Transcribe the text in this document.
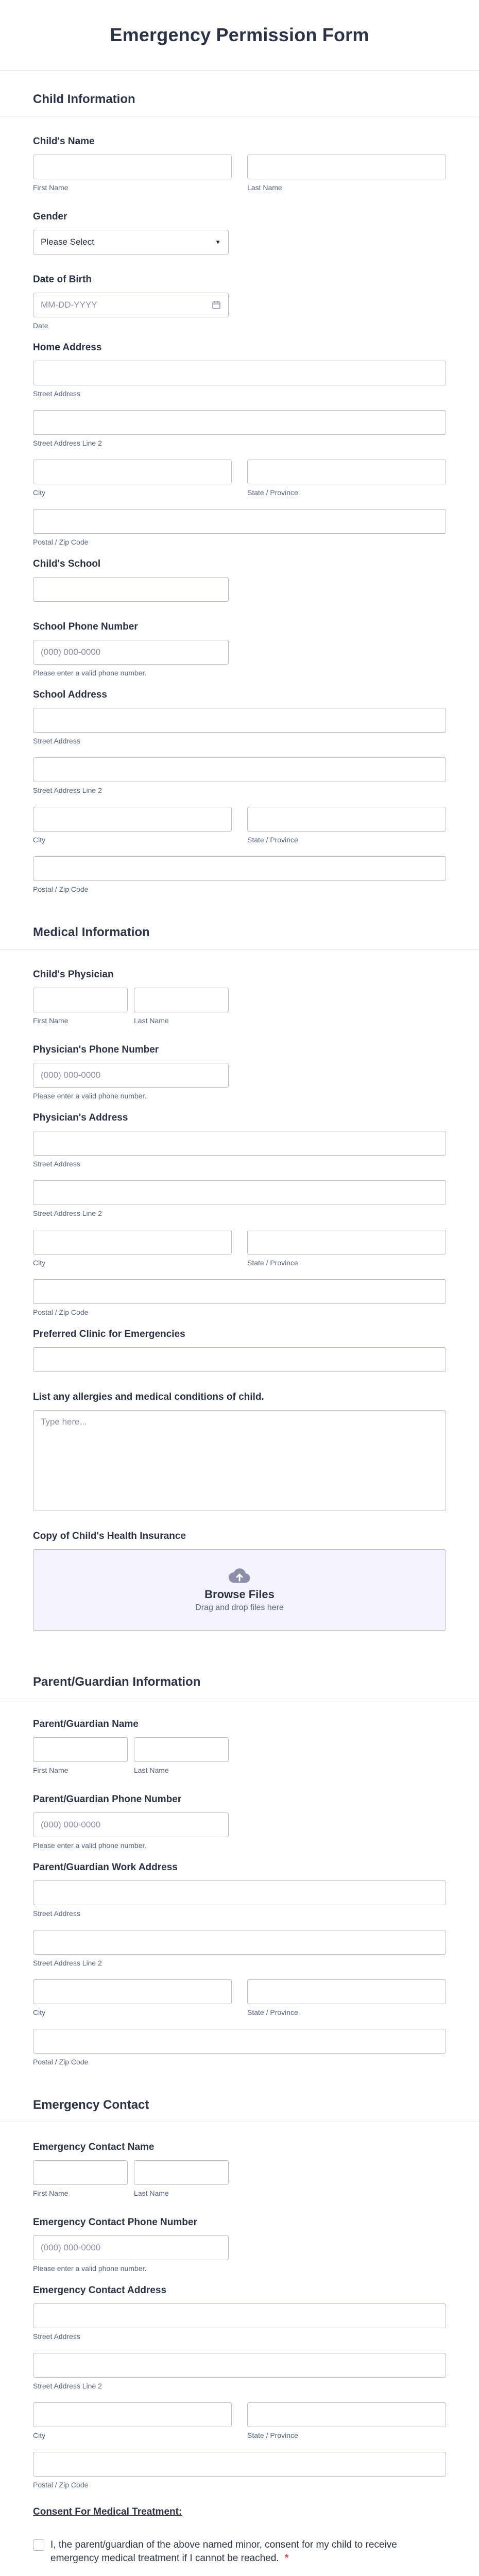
Emergency Permission Form
Child Information
Child's Name
First Name	Last Name
Gender
Please Select	▼
Date of Birth
MM-DD-YYYY
Date
Home Address
Street Address
Street Address Line 2
City	State / Province
Postal / Zip Code
Child's School
School Phone Number
(000) 000-0000
Please enter a valid phone number.
School Address
Street Address
Street Address Line 2
City	State / Province
Postal / Zip Code
Medical Information
Child's Physician
First Name	Last Name
Physician's Phone Number
(000) 000-0000
Please enter a valid phone number.
Physician's Address
Street Address
Street Address Line 2
City	State / Province
Postal / Zip Code
Preferred Clinic for Emergencies
List any allergies and medical conditions of child.
Type here...
Copy of Child's Health Insurance
Browse Files
Drag and drop files here
Parent/Guardian Information
Parent/Guardian Name
First Name	Last Name
Parent/Guardian Phone Number
(000) 000-0000
Please enter a valid phone number.
Parent/Guardian Work Address
Street Address
Street Address Line 2
City	State / Province
Postal / Zip Code
Emergency Contact
Emergency Contact Name
First Name	Last Name
Emergency Contact Phone Number
(000) 000-0000
Please enter a valid phone number.
Emergency Contact Address
Street Address
Street Address Line 2
City	State / Province
Postal / Zip Code
Consent For Medical Treatment:
I, the parent/guardian of the above named minor, consent for my child to receive emergency medical treatment if I cannot be reached. *
